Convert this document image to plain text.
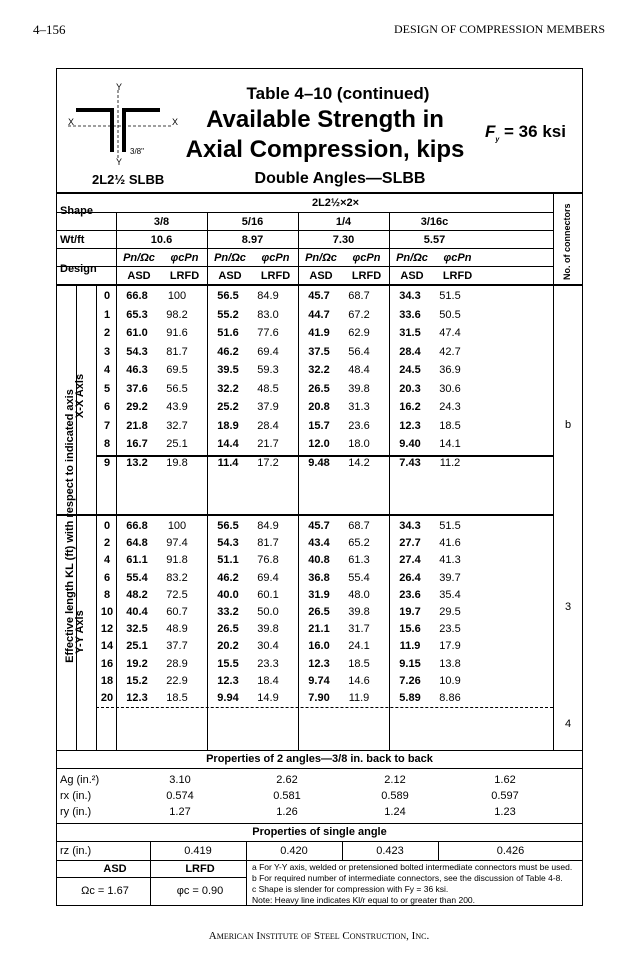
4–156	DESIGN OF COMPRESSION MEMBERS
Y
X	X
Y
3/8"
2L2½ SLBB
Table 4–10 (continued)
Available Strength in
Axial Compression, kips
Double Angles—SLBB
$F_y = 36$ ksi
Shape
Wt/ft
Design
2L2½×2×
3/8
10.6
Pn/Ωc	φcPn
ASD	LRFD
5/16
8.97
Pn/Ωc	φcPn
ASD	LRFD
1/4
7.30
Pn/Ωc	φcPn
ASD	LRFD
3/16c
5.57
Pn/Ωc	φcPn
ASD	LRFD
0	66.8	100	56.5	84.9	45.7	68.7	34.3	51.5
1	65.3	98.2	55.2	83.0	44.7	67.2	33.6	50.5
2	61.0	91.6	51.6	77.6	41.9	62.9	31.5	47.4
3	54.3	81.7	46.2	69.4	37.5	56.4	28.4	42.7
4	46.3	69.5	39.5	59.3	32.2	48.4	24.5	36.9
5	37.6	56.5	32.2	48.5	26.5	39.8	20.3	30.6
6	29.2	43.9	25.2	37.9	20.8	31.3	16.2	24.3
7	21.8	32.7	18.9	28.4	15.7	23.6	12.3	18.5
8	16.7	25.1	14.4	21.7	12.0	18.0	9.40	14.1
9	13.2	19.8	11.4	17.2	9.48	14.2	7.43	11.2
0	66.8	100	56.5	84.9	45.7	68.7	34.3	51.5
2	64.8	97.4	54.3	81.7	43.4	65.2	27.7	41.6
4	61.1	91.8	51.1	76.8	40.8	61.3	27.4	41.3
6	55.4	83.2	46.2	69.4	36.8	55.4	26.4	39.7
8	48.2	72.5	40.0	60.1	31.9	48.0	23.6	35.4
10	40.4	60.7	33.2	50.0	26.5	39.8	19.7	29.5
12	32.5	48.9	26.5	39.8	21.1	31.7	15.6	23.5
14	25.1	37.7	20.2	30.4	16.0	24.1	11.9	17.9
16	19.2	28.9	15.5	23.3	12.3	18.5	9.15	13.8
18	15.2	22.9	12.3	18.4	9.74	14.6	7.26	10.9
20	12.3	18.5	9.94	14.9	7.90	11.9	5.89	8.86
Effective length KL (ft) with respect to indicated axis
X-X Axis
Y-Y Axis
No. of connectors
b
3
4
Properties of 2 angles—3/8 in. back to back
Ag (in.²)	3.10	2.62	2.12	1.62
rx (in.)	0.574	0.581	0.589	0.597
ry (in.)	1.27	1.26	1.24	1.23
Properties of single angle
rz (in.)	0.419	0.420	0.423	0.426
ASD	LRFD
Ωc = 1.67	φc = 0.90
a For Y-Y axis, welded or pretensioned bolted intermediate connectors must be used.
b For required number of intermediate connectors, see the discussion of Table 4-8.
c Shape is slender for compression with Fy = 36 ksi.
Note: Heavy line indicates Kl/r equal to or greater than 200.
American Institute of Steel Construction, Inc.
